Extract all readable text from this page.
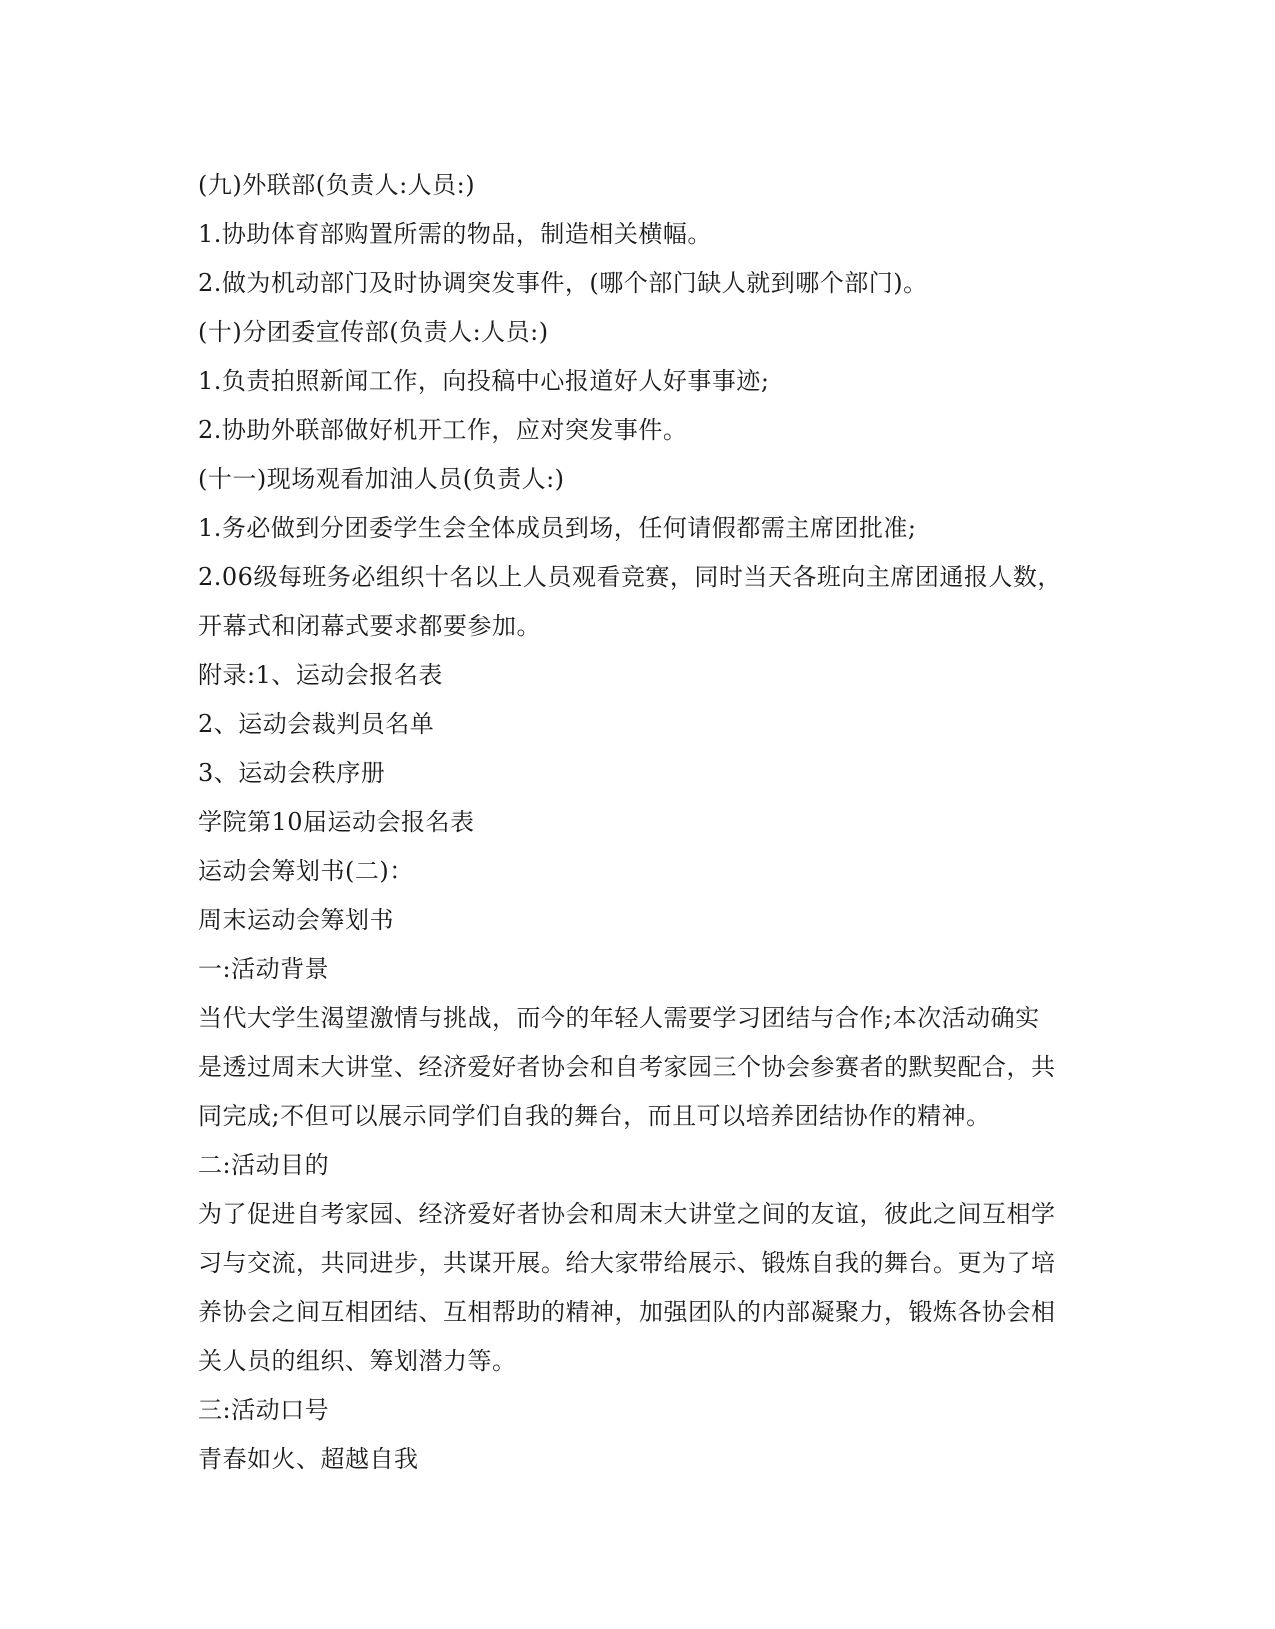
(九)外联部(负责人:人员:)
1.协助体育部购置所需的物品，制造相关横幅。
2.做为机动部门及时协调突发事件，(哪个部门缺人就到哪个部门)。
(十)分团委宣传部(负责人:人员:)
1.负责拍照新闻工作，向投稿中心报道好人好事事迹;
2.协助外联部做好机开工作，应对突发事件。
(十一)现场观看加油人员(负责人:)
1.务必做到分团委学生会全体成员到场，任何请假都需主席团批准;
2.06级每班务必组织十名以上人员观看竞赛，同时当天各班向主席团通报人数，
开幕式和闭幕式要求都要参加。
附录:1、运动会报名表
2、运动会裁判员名单
3、运动会秩序册
学院第10届运动会报名表
运动会筹划书(二)：
周末运动会筹划书
一:活动背景
当代大学生渴望激情与挑战，而今的年轻人需要学习团结与合作;本次活动确实
是透过周末大讲堂、经济爱好者协会和自考家园三个协会参赛者的默契配合，共
同完成;不但可以展示同学们自我的舞台，而且可以培养团结协作的精神。
二:活动目的
为了促进自考家园、经济爱好者协会和周末大讲堂之间的友谊，彼此之间互相学
习与交流，共同进步，共谋开展。给大家带给展示、锻炼自我的舞台。更为了培
养协会之间互相团结、互相帮助的精神，加强团队的内部凝聚力，锻炼各协会相
关人员的组织、筹划潜力等。
三:活动口号
青春如火、超越自我
